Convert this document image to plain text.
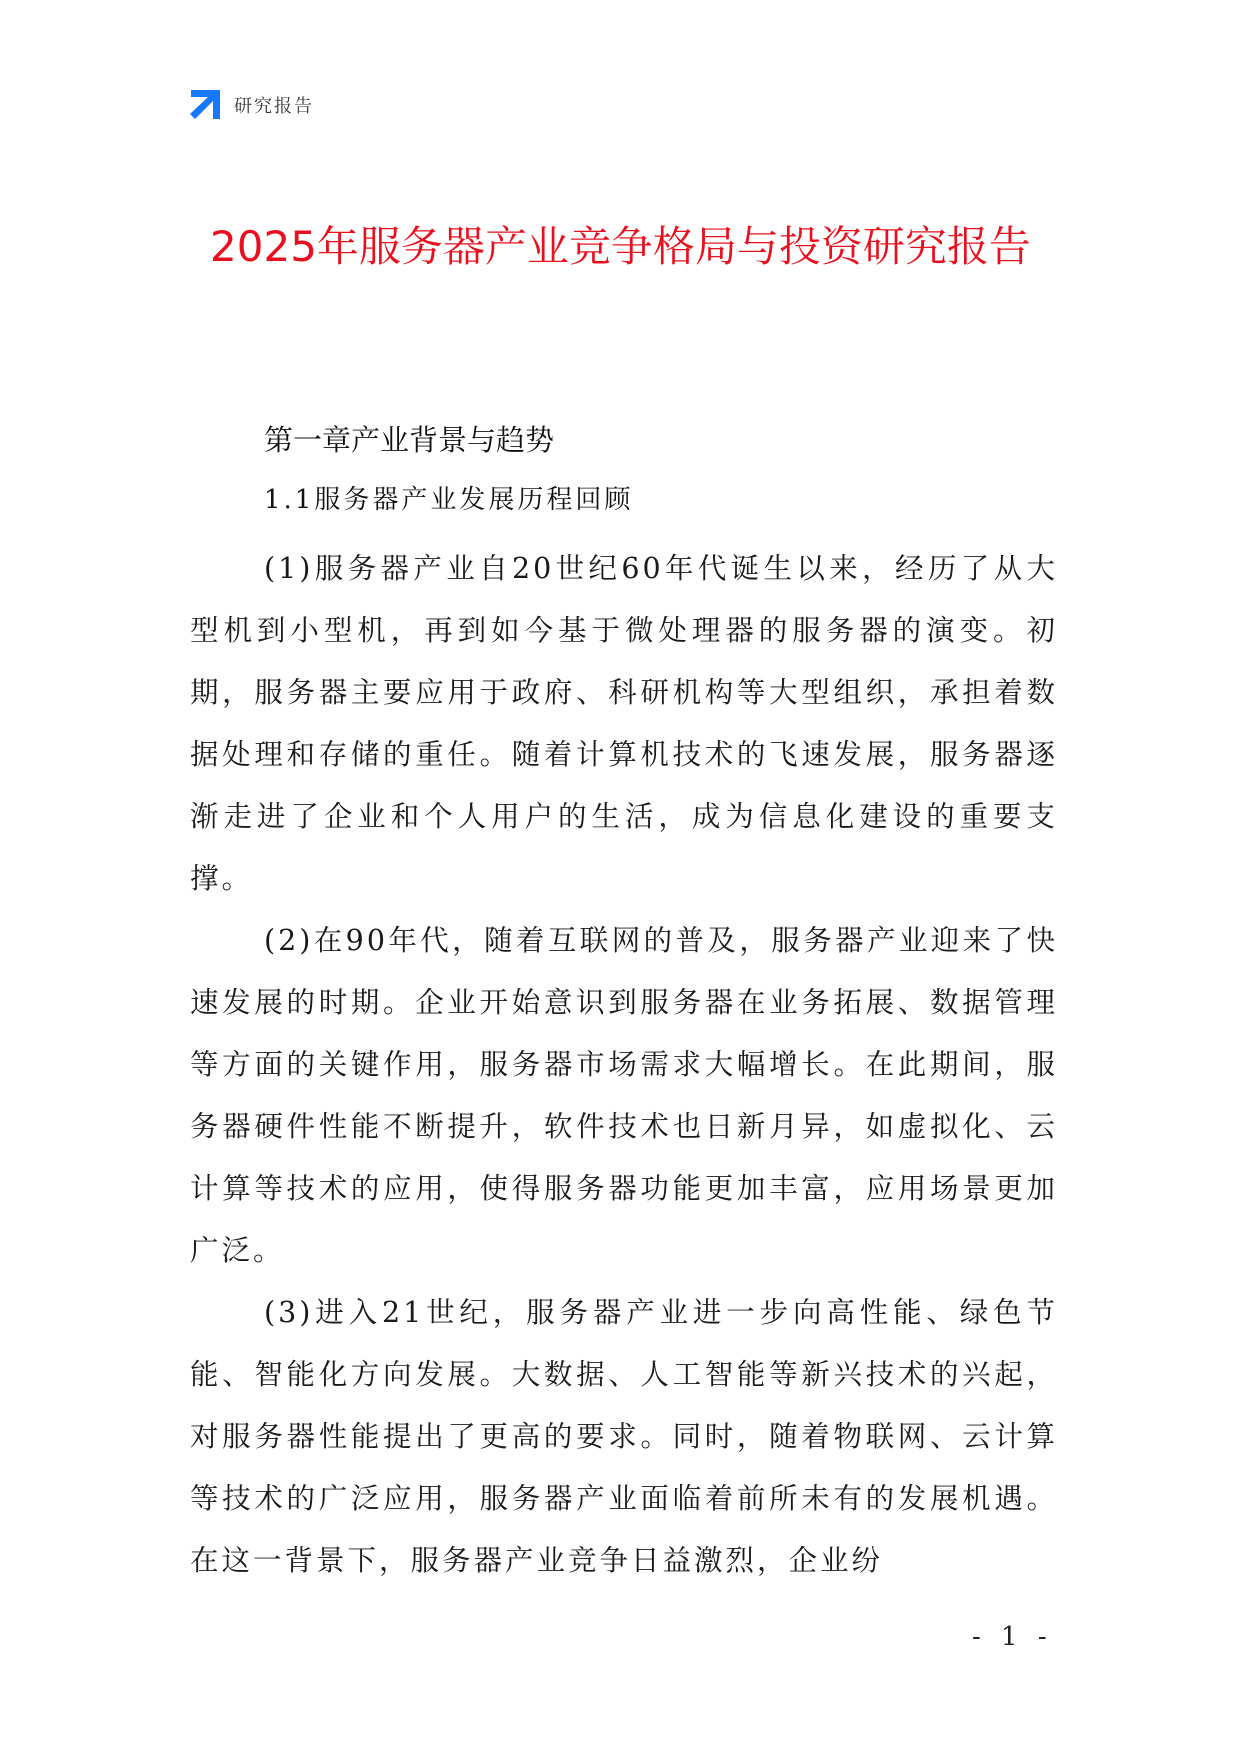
研究报告
2025年服务器产业竞争格局与投资研究报告
第一章产业背景与趋势
1.1服务器产业发展历程回顾

(1)服务器产业自20世纪60年代诞生以来，经历了从大型机到小型机，再到如今基于微处理器的服务器的演变。初期，服务器主要应用于政府、科研机构等大型组织，承担着数据处理和存储的重任。随着计算机技术的飞速发展，服务器逐渐走进了企业和个人用户的生活，成为信息化建设的重要支撑。

(2)在90年代，随着互联网的普及，服务器产业迎来了快速发展的时期。企业开始意识到服务器在业务拓展、数据管理等方面的关键作用，服务器市场需求大幅增长。在此期间，服务器硬件性能不断提升，软件技术也日新月异，如虚拟化、云计算等技术的应用，使得服务器功能更加丰富，应用场景更加广泛。

(3)进入21世纪，服务器产业进一步向高性能、绿色节能、智能化方向发展。大数据、人工智能等新兴技术的兴起，对服务器性能提出了更高的要求。同时，随着物联网、云计算等技术的广泛应用，服务器产业面临着前所未有的发展机遇。在这一背景下，服务器产业竞争日益激烈，企业纷

- 1 -
